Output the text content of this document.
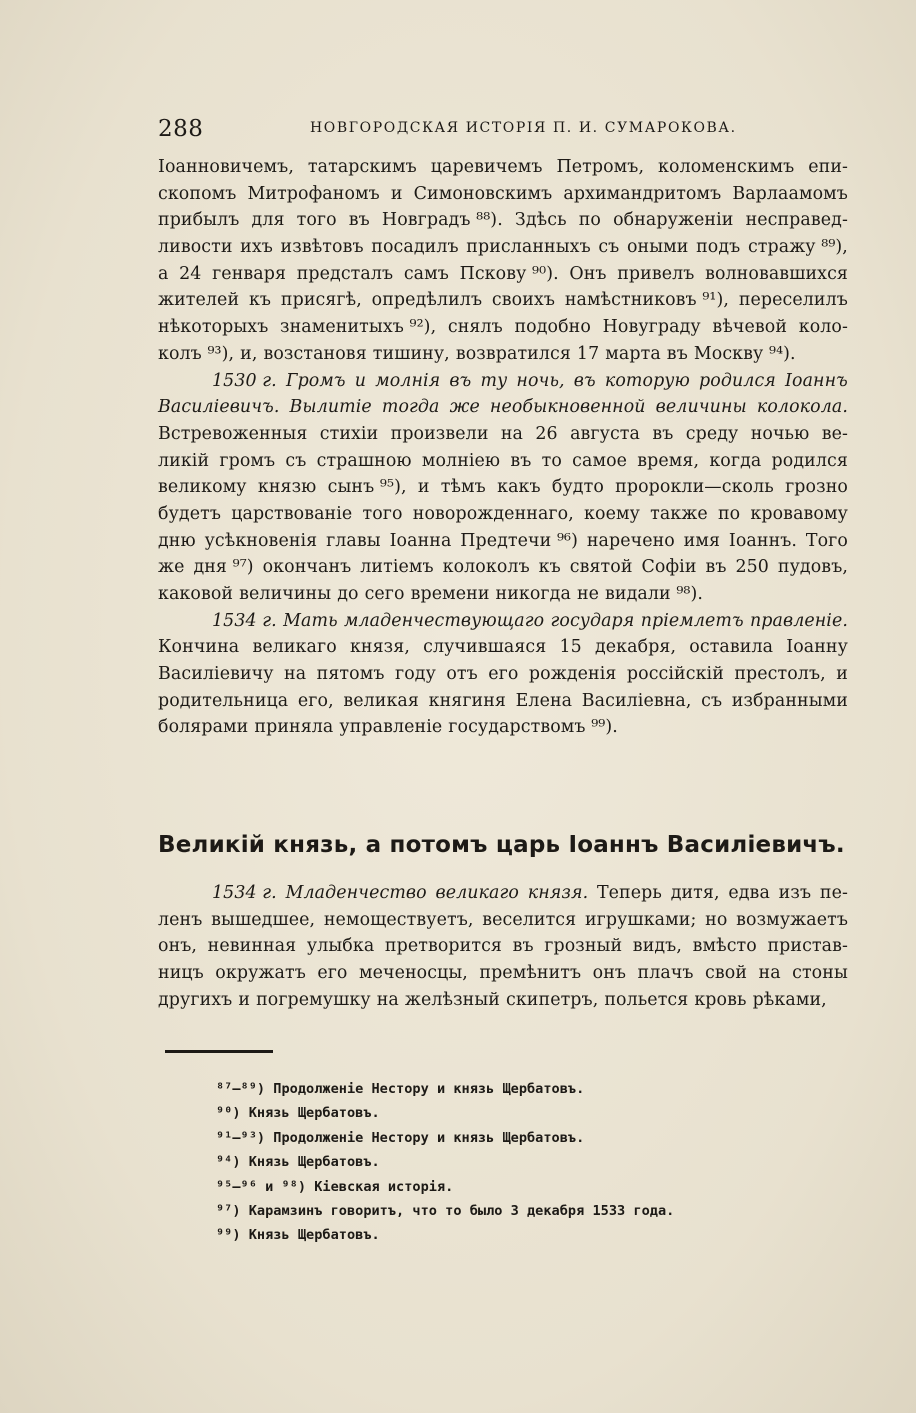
288	НОВГОРОДСКАЯ ИСТОРІЯ П. И. СУМАРОКОВА.
Іоанновичемъ, татарскимъ царевичемъ Петромъ, коломенскимъ епи-
скопомъ Митрофаномъ и Симоновскимъ архимандритомъ Варлаамомъ
прибылъ для того въ Новградъ ⁸⁸). Здѣсь по обнаруженіи несправед-
ливости ихъ извѣтовъ посадилъ присланныхъ съ оными подъ стражу ⁸⁹),
а 24 генваря предсталъ самъ Пскову ⁹⁰). Онъ привелъ волновавшихся
жителей къ присягѣ, опредѣлилъ своихъ намѣстниковъ ⁹¹), переселилъ
нѣкоторыхъ знаменитыхъ ⁹²), снялъ подобно Новуграду вѣчевой коло-
колъ ⁹³), и, возстановя тишину, возвратился 17 марта въ Москву ⁹⁴).
1530 г. Громъ и молнія въ ту ночь, въ которую родился Іоаннъ
Василіевичъ. Вылитіе тогда же необыкновенной величины колокола.
Встревоженныя стихіи произвели на 26 августа въ среду ночью ве-
ликій громъ съ страшною молніею въ то самое время, когда родился
великому князю сынъ ⁹⁵), и тѣмъ какъ будто пророкли—сколь грозно
будетъ царствованіе того новорожденнаго, коему также по кровавому
дню усѣкновенія главы Іоанна Предтечи ⁹⁶) наречено имя Іоаннъ. Того
же дня ⁹⁷) окончанъ литіемъ колоколъ къ святой Софіи въ 250 пудовъ,
каковой величины до сего времени никогда не видали ⁹⁸).
1534 г. Мать младенчествующаго государя пріемлетъ правленіе.
Кончина великаго князя, случившаяся 15 декабря, оставила Іоанну
Василіевичу на пятомъ году отъ его рожденія россійскій престолъ, и
родительница его, великая княгиня Елена Василіевна, съ избранными
болярами приняла управленіе государствомъ ⁹⁹).
Великій князь, а потомъ царь Іоаннъ Василіевичъ.
1534 г. Младенчество великаго князя. Теперь дитя, едва изъ пе-
ленъ вышедшее, немоществуетъ, веселится игрушками; но возмужаетъ
онъ, невинная улыбка претворится въ грозный видъ, вмѣсто пристав-
ницъ окружатъ его меченосцы, премѣнитъ онъ плачъ свой на стоны
другихъ и погремушку на желѣзный скипетръ, польется кровь рѣками,
⁸⁷—⁸⁹) Продолженіе Нестору и князь Щербатовъ.
⁹⁰) Князь Щербатовъ.
⁹¹—⁹³) Продолженіе Нестору и князь Щербатовъ.
⁹⁴) Князь Щербатовъ.
⁹⁵—⁹⁶ и ⁹⁸) Кіевская исторія.
⁹⁷) Карамзинъ говоритъ, что то было 3 декабря 1533 года.
⁹⁹) Князь Щербатовъ.
